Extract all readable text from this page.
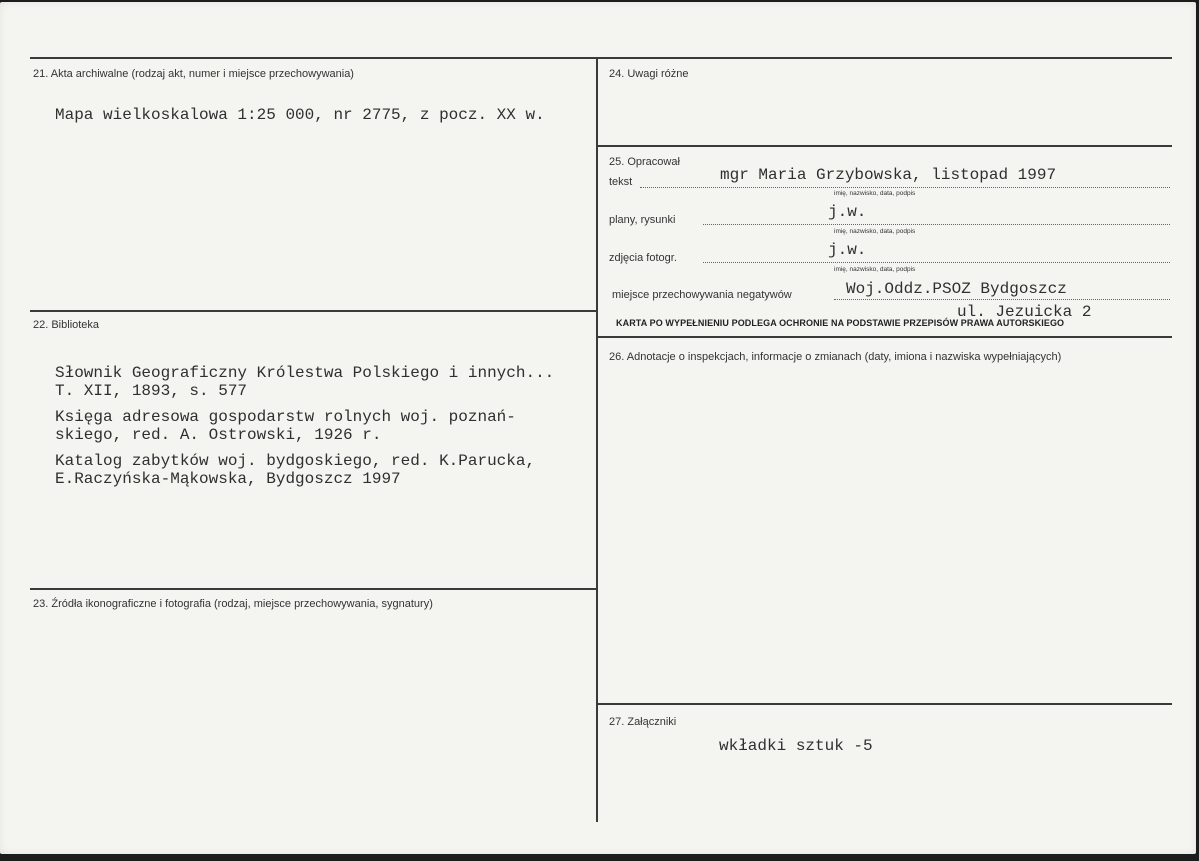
21. Akta archiwalne (rodzaj akt, numer i miejsce przechowywania)
Mapa wielkoskalowa 1:25 000, nr 2775, z pocz. XX w.
22. Biblioteka
Słownik Geograficzny Królestwa Polskiego i innych...
T. XII, 1893, s. 577
Księga adresowa gospodarstw rolnych woj. poznań-
skiego, red. A. Ostrowski, 1926 r.
Katalog zabytków woj. bydgoskiego, red. K.Parucka,
E.Raczyńska-Mąkowska, Bydgoszcz 1997
23. Źródła ikonograficzne i fotografia (rodzaj, miejsce przechowywania, sygnatury)
24. Uwagi różne
25. Opracował
tekst	mgr Maria Grzybowska, listopad 1997
imię, nazwisko, data, podpis
plany, rysunki	j.w.
imię, nazwisko, data, podpis
zdjęcia fotogr.	j.w.
imię, nazwisko, data, podpis
miejsce przechowywania negatywów	Woj.Oddz.PSOZ Bydgoszcz
ul. Jezuicka 2
KARTA PO WYPEŁNIENIU PODLEGA OCHRONIE NA PODSTAWIE PRZEPISÓW PRAWA AUTORSKIEGO
26. Adnotacje o inspekcjach, informacje o zmianach (daty, imiona i nazwiska wypełniających)
27. Załączniki
wkładki sztuk -5
